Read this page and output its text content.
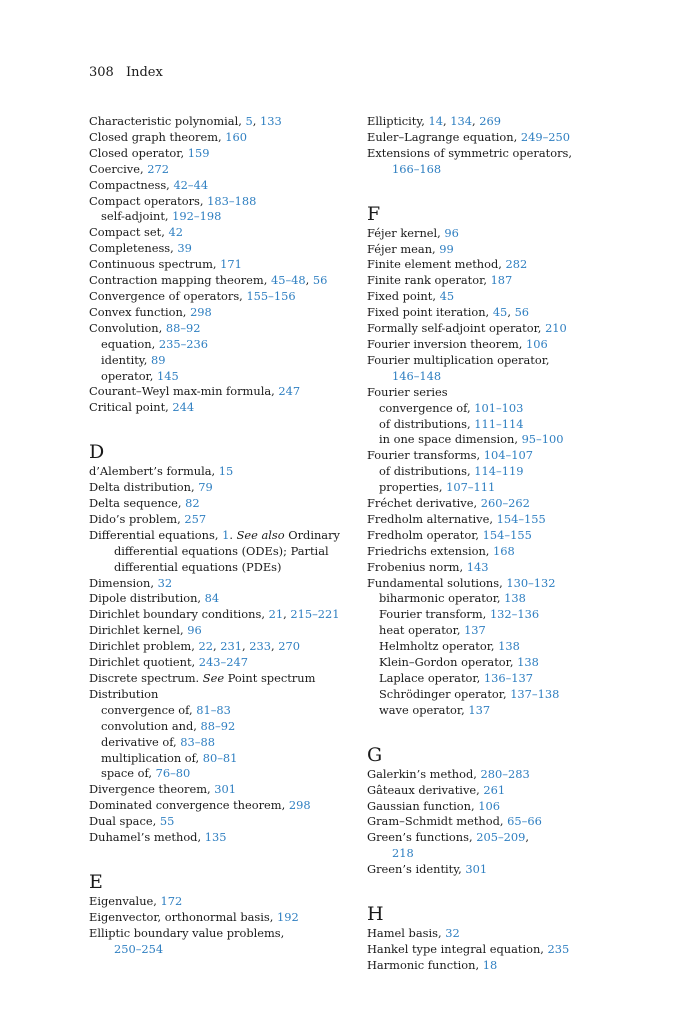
308 Index
Characteristic polynomial, 5, 133
Closed graph theorem, 160
Closed operator, 159
Coercive, 272
Compactness, 42–44
Compact operators, 183–188
self-adjoint, 192–198
Compact set, 42
Completeness, 39
Continuous spectrum, 171
Contraction mapping theorem, 45–48, 56
Convergence of operators, 155–156
Convex function, 298
Convolution, 88–92
equation, 235–236
identity, 89
operator, 145
Courant–Weyl max-min formula, 247
Critical point, 244
D
d’Alembert’s formula, 15
Delta distribution, 79
Delta sequence, 82
Dido’s problem, 257
Differential equations, 1. See also Ordinary
differential equations (ODEs); Partial
differential equations (PDEs)
Dimension, 32
Dipole distribution, 84
Dirichlet boundary conditions, 21, 215–221
Dirichlet kernel, 96
Dirichlet problem, 22, 231, 233, 270
Dirichlet quotient, 243–247
Discrete spectrum. See Point spectrum
Distribution
convergence of, 81–83
convolution and, 88–92
derivative of, 83–88
multiplication of, 80–81
space of, 76–80
Divergence theorem, 301
Dominated convergence theorem, 298
Dual space, 55
Duhamel’s method, 135
E
Eigenvalue, 172
Eigenvector, orthonormal basis, 192
Elliptic boundary value problems,
250–254
Ellipticity, 14, 134, 269
Euler–Lagrange equation, 249–250
Extensions of symmetric operators,
166–168
F
Féjer kernel, 96
Féjer mean, 99
Finite element method, 282
Finite rank operator, 187
Fixed point, 45
Fixed point iteration, 45, 56
Formally self-adjoint operator, 210
Fourier inversion theorem, 106
Fourier multiplication operator,
146–148
Fourier series
convergence of, 101–103
of distributions, 111–114
in one space dimension, 95–100
Fourier transforms, 104–107
of distributions, 114–119
properties, 107–111
Fréchet derivative, 260–262
Fredholm alternative, 154–155
Fredholm operator, 154–155
Friedrichs extension, 168
Frobenius norm, 143
Fundamental solutions, 130–132
biharmonic operator, 138
Fourier transform, 132–136
heat operator, 137
Helmholtz operator, 138
Klein–Gordon operator, 138
Laplace operator, 136–137
Schrödinger operator, 137–138
wave operator, 137
G
Galerkin’s method, 280–283
Gâteaux derivative, 261
Gaussian function, 106
Gram–Schmidt method, 65–66
Green’s functions, 205–209,
218
Green’s identity, 301
H
Hamel basis, 32
Hankel type integral equation, 235
Harmonic function, 18
